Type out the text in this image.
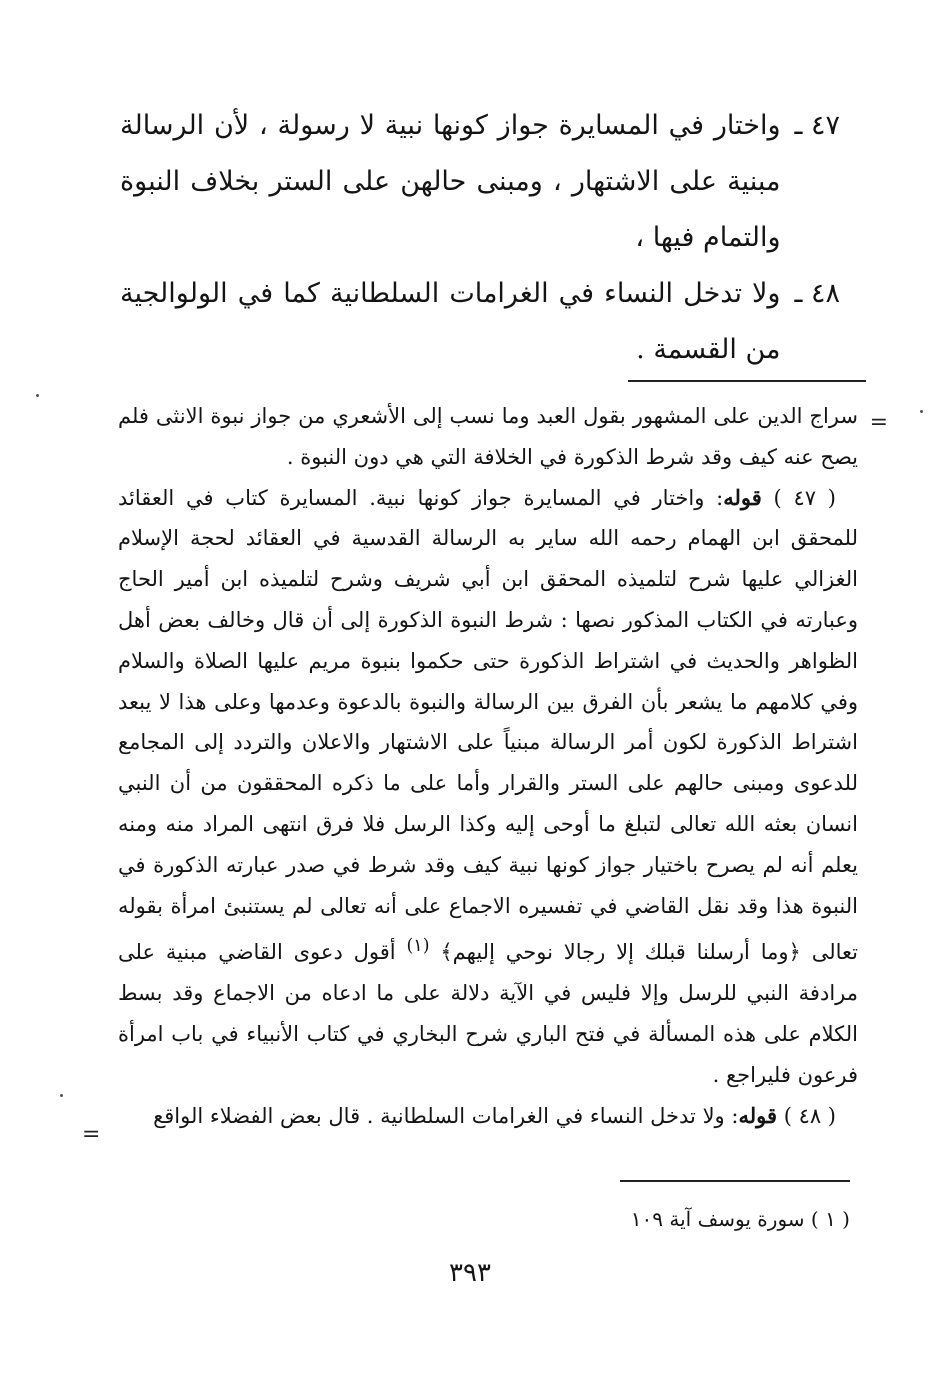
٤٧ ـ
واختار في المسايرة جواز كونها نبية لا رسولة ، لأن الرسالة مبنية على الاشتهار ، ومبنى حالهن على الستر بخلاف النبوة والتمام فيها ،
٤٨ ـ
ولا تدخل النساء في الغرامات السلطانية كما في الولوالجية من القسمة .
=

سراج الدين على المشهور بقول العبد وما نسب إلى الأشعري من جواز نبوة الانثى فلم يصح عنه كيف وقد شرط الذكورة في الخلافة التي هي دون النبوة .

( ٤٧ ) قوله: واختار في المسايرة جواز كونها نبية. المسايرة كتاب في العقائد للمحقق ابن الهمام رحمه الله ساير به الرسالة القدسية في العقائد لحجة الإسلام الغزالي عليها شرح لتلميذه المحقق ابن أبي شريف وشرح لتلميذه ابن أمير الحاج وعبارته في الكتاب المذكور نصها : شرط النبوة الذكورة إلى أن قال وخالف بعض أهل الظواهر والحديث في اشتراط الذكورة حتى حكموا بنبوة مريم عليها الصلاة والسلام وفي كلامهم ما يشعر بأن الفرق بين الرسالة والنبوة بالدعوة وعدمها وعلى هذا لا يبعد اشتراط الذكورة لكون أمر الرسالة مبنياً على الاشتهار والاعلان والتردد إلى المجامع للدعوى ومبنى حالهم على الستر والقرار وأما على ما ذكره المحققون من أن النبي انسان بعثه الله تعالى لتبلغ ما أوحى إليه وكذا الرسل فلا فرق انتهى المراد منه ومنه يعلم أنه لم يصرح باختيار جواز كونها نبية كيف وقد شرط في صدر عبارته الذكورة في النبوة هذا وقد نقل القاضي في تفسيره الاجماع على أنه تعالى لم يستنبئ امرأة بقوله تعالى ﴿وما أرسلنا قبلك إلا رجالا نوحي إليهم﴾ $^{(١)}$ أقول دعوى القاضي مبنية على مرادفة النبي للرسل وإلا فليس في الآية دلالة على ما ادعاه من الاجماع وقد بسط الكلام على هذه المسألة في فتح الباري شرح البخاري في كتاب الأنبياء في باب امرأة فرعون فليراجع .

( ٤٨ ) قوله: ولا تدخل النساء في الغرامات السلطانية . قال بعض الفضلاء الواقع

=
( ١ ) سورة يوسف آية ١٠٩
٣٩٣
